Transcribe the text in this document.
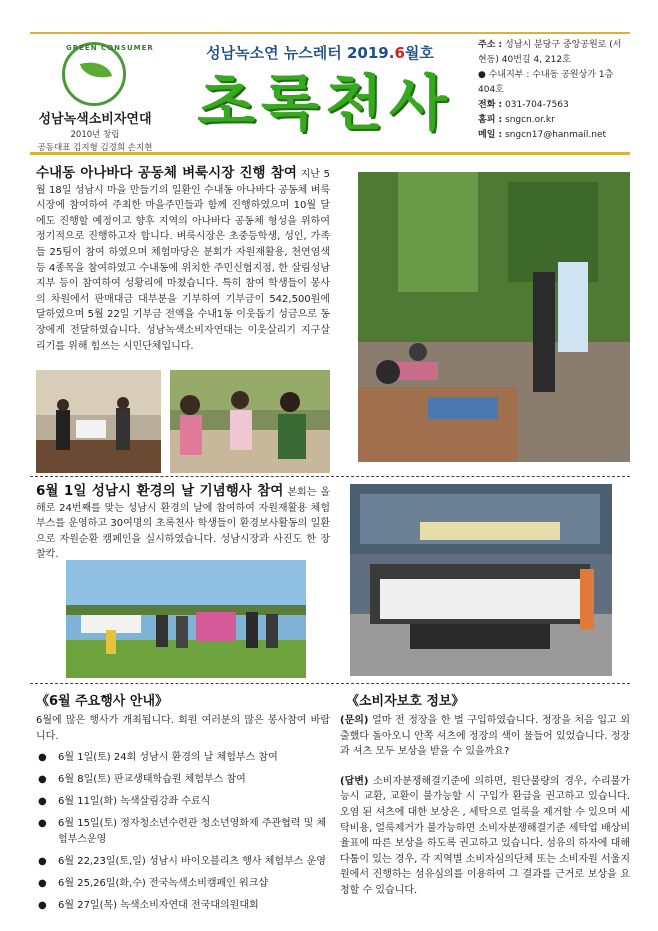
GREEN CONSUMER
성남녹색소비자연대
2010년 창립
공동대표 김지형 김경희 손지현
성남녹소연 뉴스레터 2019.6월호
초록천사
주소 : 성남시 분당구 중앙공원로 (서현동) 40번길 4, 212호
● 수내지부 : 수내동 공원상가 1층 404호
전화 : 031-704-7563
홈피 : sngcn.or.kr
메일 : sngcn17@hanmail.net
수내동 아나바다 공동체 벼룩시장 진행 참여 지난 5월 18일 성남시 마을 만들기의 일환인 수내동 아나바다 공동체 벼룩시장에 참여하여 주최한 마을주민들과 함께 진행하였으며 10월 달에도 진행할 예정이고 향후 지역의 아나바다 공동체 형성을 위하여 정기적으로 진행하고자 합니다. 벼룩시장은 초중등학생, 성인, 가족들 25팀이 참여 하였으며 체험마당은 분회가 자원재활용, 천연염색등 4종목을 참여하였고 수내동에 위치한 주민신협지점, 한 살림성남지부 등이 참여하여 성황리에 마쳤습니다. 특히 참여 학생들이 봉사의 차원에서 판매대금 대부분을 기부하여 기부금이 542,500원에 달하였으며 5월 22일 기부금 전액을 수내1동 이웃돕기 성금으로 동장에게 전달하였습니다. 성남녹색소비자연대는 이웃살리기 지구살리기를 위해 힘쓰는 시민단체입니다.
6월 1일 성남시 환경의 날 기념행사 참여 본회는 올해로 24번째를 맞는 성남시 환경의 날에 참여하여 자원재활용 체험부스를 운영하고 30여명의 초록천사 학생들이 환경보사활동의 일환으로 자원순환 캠페인을 실시하였습니다. 성남시장과 사진도 한 장 찰칵.
《6월 주요행사 안내》
6월에 많은 행사가 개최됩니다. 회원 여러분의 많은 봉사참여 바랍니다.
● 6월 1일(토) 24회 성남시 환경의 날 체험부스 참여
● 6월 8일(토) 판교생태학습원 체험부스 참여
● 6월 11일(화) 녹색살림강좌 수료식
● 6월 15일(토) 정자청소년수련관 청소년영화제 주관협력 및 체험부스운영
● 6월 22,23일(토,일) 성남시 바이오블리츠 행사 체험부스 운영
● 6월 25,26일(화,수) 전국녹색소비캠페인 워크샵
● 6월 27일(목) 녹색소비자연대 전국대의원대회
《소비자보호 정보》
(문의) 얼마 전 정장을 한 벌 구입하였습니다. 정장을 처음 입고 외출했다 돌아오니 안쪽 셔츠에 정장의 색이 물들어 있었습니다. 정장과 셔츠 모두 보상을 받을 수 있을까요?
(답변) 소비자분쟁해결기준에 의하면, 원단불량의 경우, 수리불가능시 교환, 교환이 불가능할 시 구입가 환급을 권고하고 있습니다. 오염 된 셔츠에 대한 보상은 , 세탁으로 얼룩을 제거할 수 있으며 세탁비용, 얼룩제거가 불가능하면 소비자분쟁해결기준 세탁업 배상비율표에 따른 보상을 하도록 권고하고 있습니다. 섬유의 하자에 대해 다툼이 있는 경우, 각 지역별 소비자심의단체 또는 소비자원 서울지원에서 진행하는 섬유심의를 이용하여 그 결과를 근거로 보상을 요청할 수 있습니다.
